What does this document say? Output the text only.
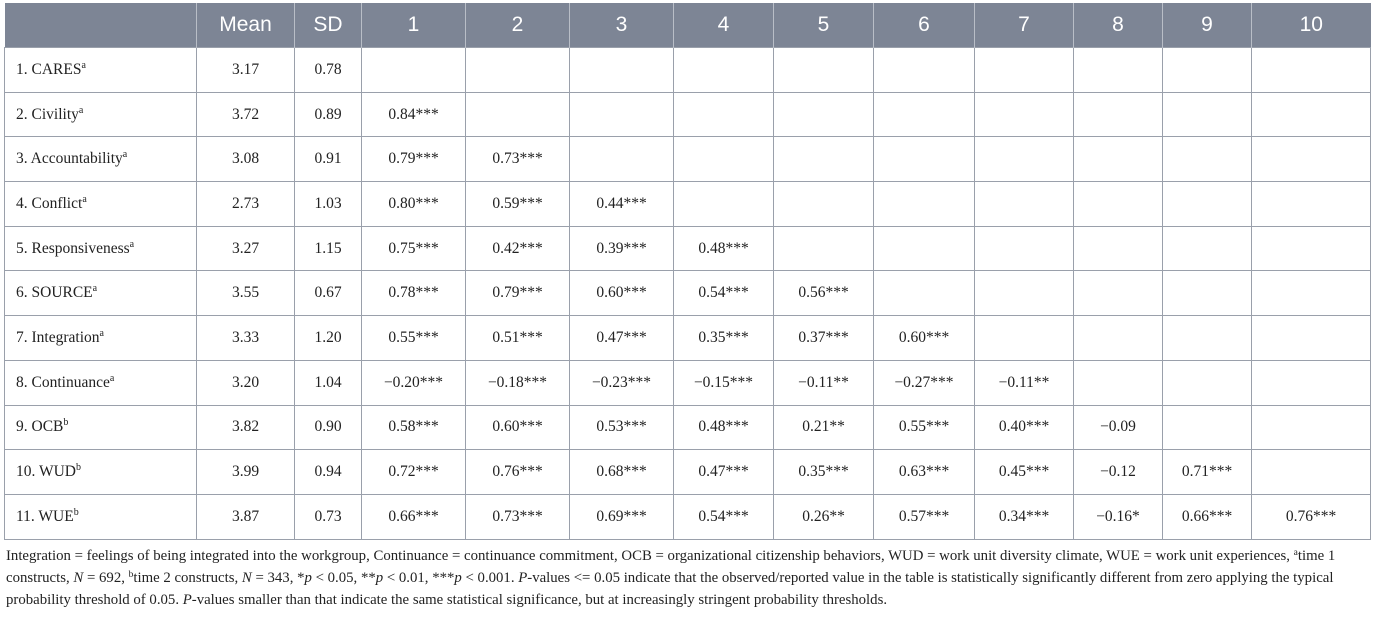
	Mean	SD	1	2	3	4	5	6	7	8	9	10
1. CARES$^a$	3.17	0.78										
2. Civility$^a$	3.72	0.89	0.84***									
3. Accountability$^a$	3.08	0.91	0.79***	0.73***								
4. Conflict$^a$	2.73	1.03	0.80***	0.59***	0.44***							
5. Responsiveness$^a$	3.27	1.15	0.75***	0.42***	0.39***	0.48***						
6. SOURCE$^a$	3.55	0.67	0.78***	0.79***	0.60***	0.54***	0.56***					
7. Integration$^a$	3.33	1.20	0.55***	0.51***	0.47***	0.35***	0.37***	0.60***				
8. Continuance$^a$	3.20	1.04	−0.20***	−0.18***	−0.23***	−0.15***	−0.11**	−0.27***	−0.11**			
9. OCB$^b$	3.82	0.90	0.58***	0.60***	0.53***	0.48***	0.21**	0.55***	0.40***	−0.09		
10. WUD$^b$	3.99	0.94	0.72***	0.76***	0.68***	0.47***	0.35***	0.63***	0.45***	−0.12	0.71***	
11. WUE$^b$	3.87	0.73	0.66***	0.73***	0.69***	0.54***	0.26**	0.57***	0.34***	−0.16*	0.66***	0.76***

Integration = feelings of being integrated into the workgroup, Continuance = continuance commitment, OCB = organizational citizenship behaviors, WUD = work unit diversity climate, WUE = work unit experiences, $^a$time 1 constructs, N = 692, $^b$time 2 constructs, N = 343, *p < 0.05, **p < 0.01, ***p < 0.001. P-values <= 0.05 indicate that the observed/reported value in the table is statistically significantly different from zero applying the typical probability threshold of 0.05. P-values smaller than that indicate the same statistical significance, but at increasingly stringent probability thresholds.
